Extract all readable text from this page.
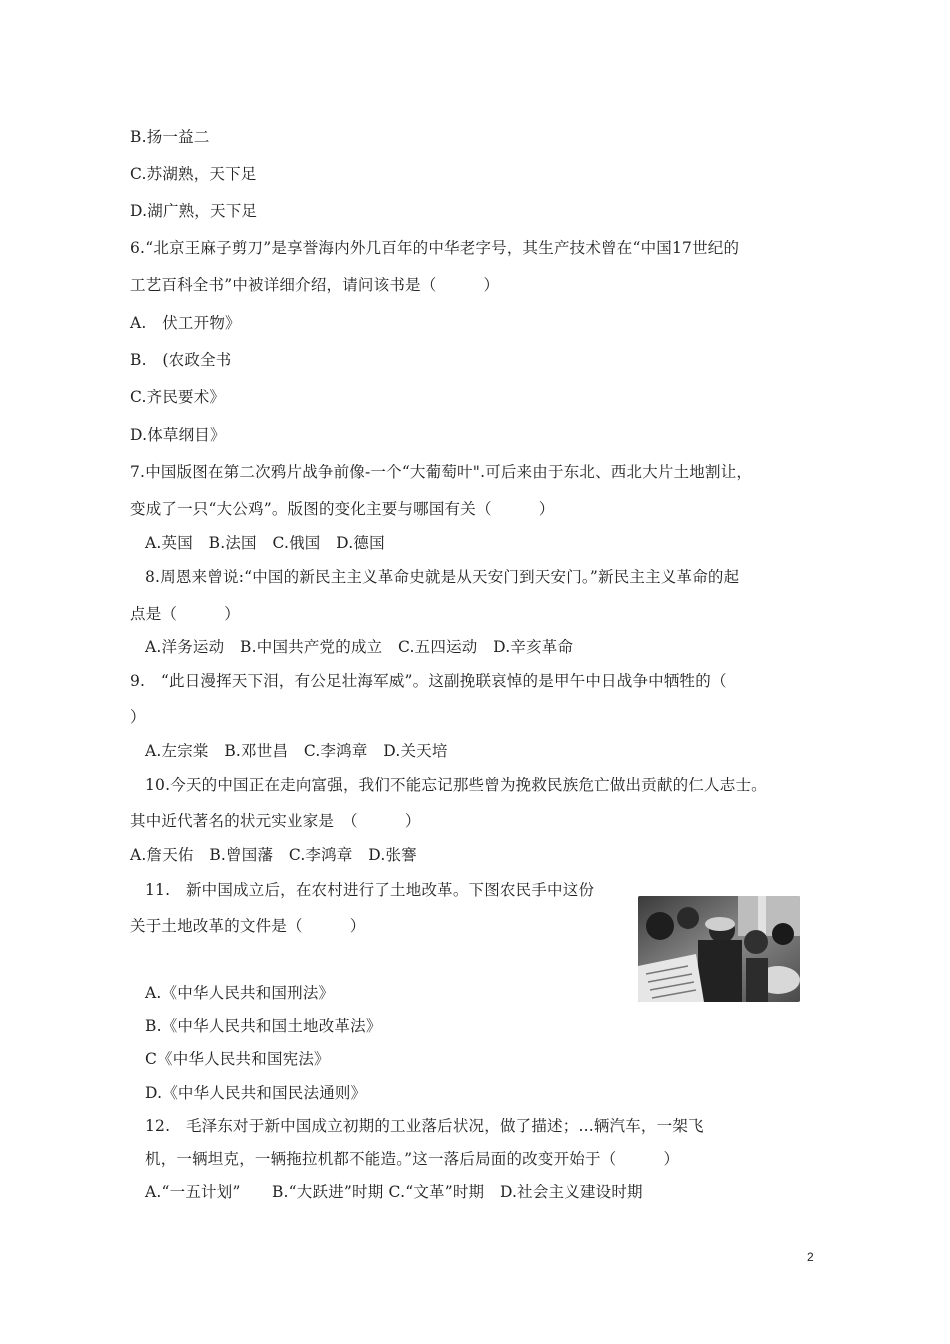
B.扬一益二
C.苏湖熟，天下足
D.湖广熟，天下足
6.“北京王麻子剪刀”是享誉海内外几百年的中华老字号，其生产技术曾在“中国17世纪的
工艺百科全书”中被详细介绍，请问该书是（　　　）
A.　伏工开物》
B.　(农政全书
C.齐民要术》
D.体草纲目》
7.中国版图在第二次鸦片战争前像-一个“大葡萄叶".可后来由于东北、西北大片土地割让，
变成了一只“大公鸡”。版图的变化主要与哪国有关（　　　）
A.英国　B.法国　C.俄国　D.德国
8.周恩来曾说:“中国的新民主主义革命史就是从天安门到天安门。”新民主主义革命的起
点是（　　　）
A.洋务运动　B.中国共产党的成立　C.五四运动　D.辛亥革命
9.　“此日漫挥天下泪，有公足壮海军威”。这副挽联哀悼的是甲午中日战争中牺牲的（
）
A.左宗棠　B.邓世昌　C.李鸿章　D.关天培
10.今天的中国正在走向富强，我们不能忘记那些曾为挽救民族危亡做出贡献的仁人志士。
其中近代著名的状元实业家是　（　　　）
A.詹天佑　B.曾国藩　C.李鸿章　D.张謇
11.　新中国成立后，在农村进行了土地改革。下图农民手中这份
关于土地改革的文件是（　　　）
A.《中华人民共和国刑法》
B.《中华人民共和国土地改革法》
C《中华人民共和国宪法》
D.《中华人民共和国民法通则》
12.　毛泽东对于新中国成立初期的工业落后状况，做了描述；...辆汽车，一架飞
机，一辆坦克，一辆拖拉机都不能造。”这一落后局面的改变开始于（　　　）
A.“一五计划”　　B.“大跃进”时期 C.“文革”时期　D.社会主义建设时期
2
